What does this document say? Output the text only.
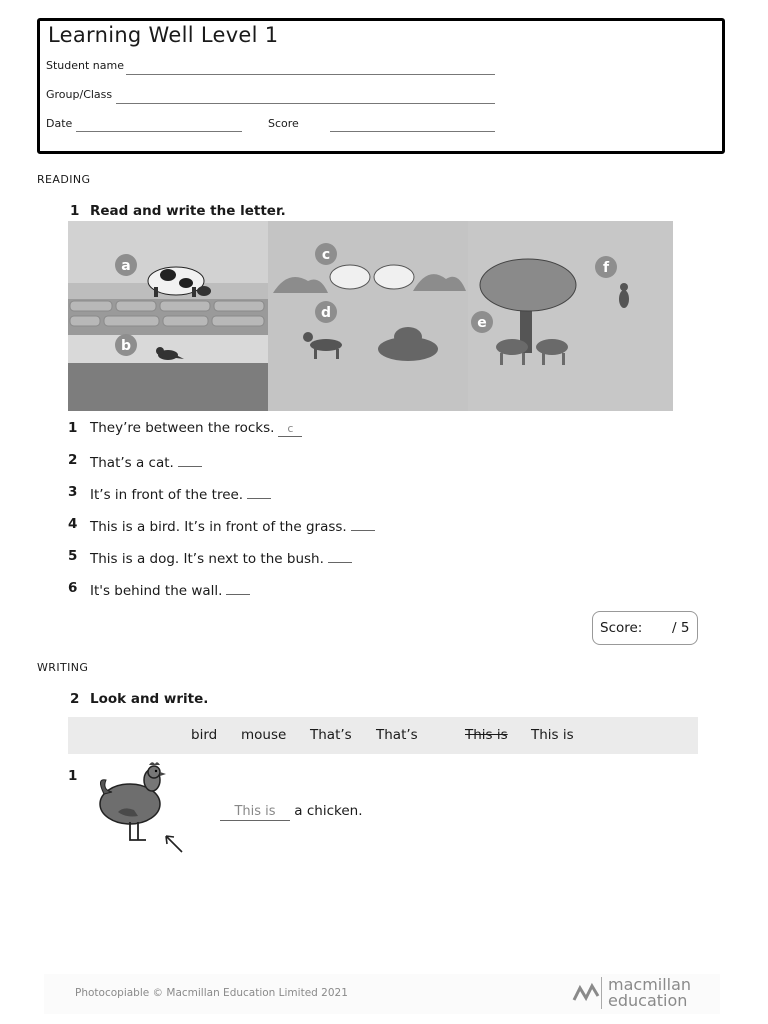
Learning Well Level 1
Student name
Group/Class
Date	Score
READING
1 Read and write the letter.
a
b
c
d
e
f
1 They’re between the rocks. c
2 That’s a cat.
3 It’s in front of the tree.
4 This is a bird. It’s in front of the grass.
5 This is a dog. It’s next to the bush.
6 It's behind the wall.
Score: / 5
WRITING
2 Look and write.
bird mouse That’s That’s	This is This is
1
This is a chicken.
Photocopiable © Macmillan Education Limited 2021	macmillan
education
